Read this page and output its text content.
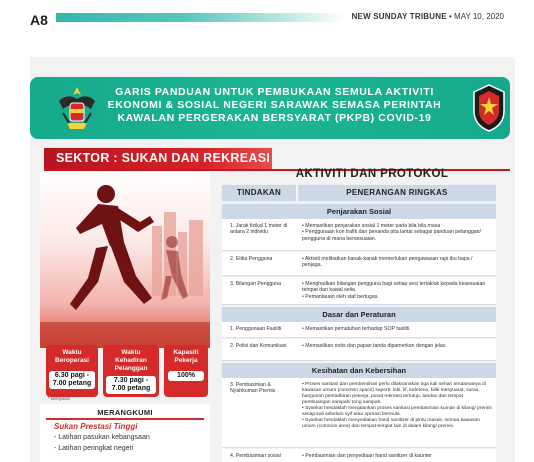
A8	NEW SUNDAY TRIBUNE • MAY 10, 2020
GARIS PANDUAN UNTUK PEMBUKAAN SEMULA AKTIVITI EKONOMI & SOSIAL NEGERI SARAWAK SEMASA PERINTAH KAWALAN PERGERAKAN BERSYARAT (PKPB) COVID-19
SEKTOR : SUKAN DAN REKREASI
Waktu
Beroperasi
6.30 pagi - 7.00 petang
Waktu
Kehadiran
Pelanggan
7.30 pagi - 7.00 petang
Kapasiti
Pekerja
100%
* bersyarat
MERANGKUMI
Sukan Prestasi Tinggi
- Latihan pasukan kebangsaan
- Latihan peringkat negeri
AKTIVITI DAN PROTOKOL
TINDAKAN	PENERANGAN RINGKAS
Penjarakan Sosial
1. Jarak fizikal 1 meter di antara 2 individu
• Memastikan penjarakan sosial 1 meter pada bila bila masa
• Penggunaan kon trafik dan penanda pita lantai sebagai panduan pelanggan/ pengguna di mana bersesuaian.
2. Etika Pengguna	• Aktiviti melibatkan kanak-kanak memerlukan pengawasan rapi ibu bapa / penjaga.
3. Bilangan Pengguna	• Menghadkan bilangan pengguna bagi setiap sesi tertakluk kepada kesesuaian tempat dan kawal selia.
• Pemantauan oleh staf bertugas.
Dasar dan Peraturan
1. Penggunaan Fasiliti	• Memastikan pematuhan terhadap SOP fasiliti.
2. Polisi dan Komunikasi	• Memastikan notis dan papan tanda dipamerkan dengan jelas
Kesihatan dan Kebersihan
3. Pembasmian & Nyahkuman Premis
• Proses sanitasi dan pembersihan perlu dilaksanakan tiga kali sehari terutamanya di kawasan umum (common space) seperti: lobi, lif, kafeteria, bilik mesyuarat, surau, bangunan pentadbiran pekerja, pusat rekreasi tertutup, tandas dan tempat pembuangan sampah/ tong sampah.
• Syarikat hendaklah menjalankan proses sanitasi pembasmian kuman di kilang/ premis setiap kali sebelum syif atau operasi bermula.
• Syarikat hendaklah menyediakan hand sanitizer di pintu masuk, semua kawasan umum (common area) dan tempat-tempat lain di dalam kilang/ premis.
4. Pembasmian sosial	• Pembasmian dan penyediaan hand sanitizer di kaunter
